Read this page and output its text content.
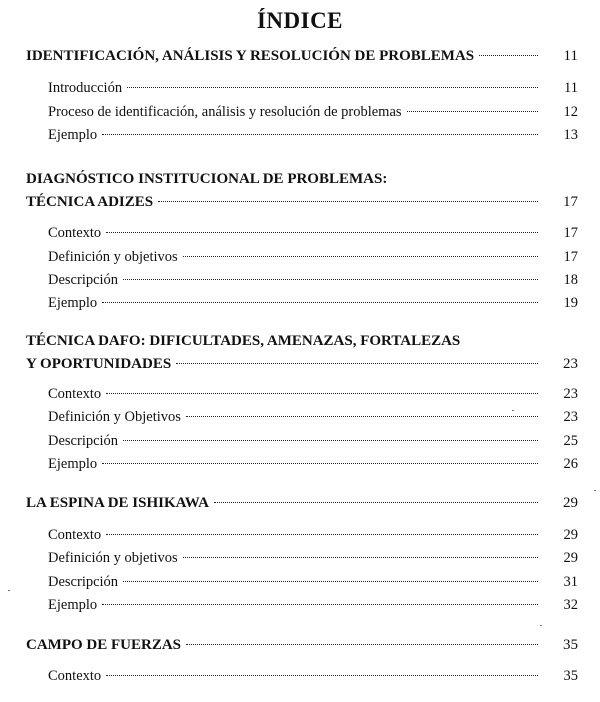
ÍNDICE
IDENTIFICACIÓN, ANÁLISIS Y RESOLUCIÓN DE PROBLEMAS	11
Introducción	11
Proceso de identificación, análisis y resolución de problemas	12
Ejemplo	13
DIAGNÓSTICO INSTITUCIONAL DE PROBLEMAS:
TÉCNICA ADIZES	17
Contexto	17
Definición y objetivos	17
Descripción	18
Ejemplo	19
TÉCNICA DAFO: DIFICULTADES, AMENAZAS, FORTALEZAS
Y OPORTUNIDADES	23
Contexto	23
Definición y Objetivos	23
Descripción	25
Ejemplo	26
LA ESPINA DE ISHIKAWA	29
Contexto	29
Definición y objetivos	29
Descripción	31
Ejemplo	32
CAMPO DE FUERZAS	35
Contexto	35
